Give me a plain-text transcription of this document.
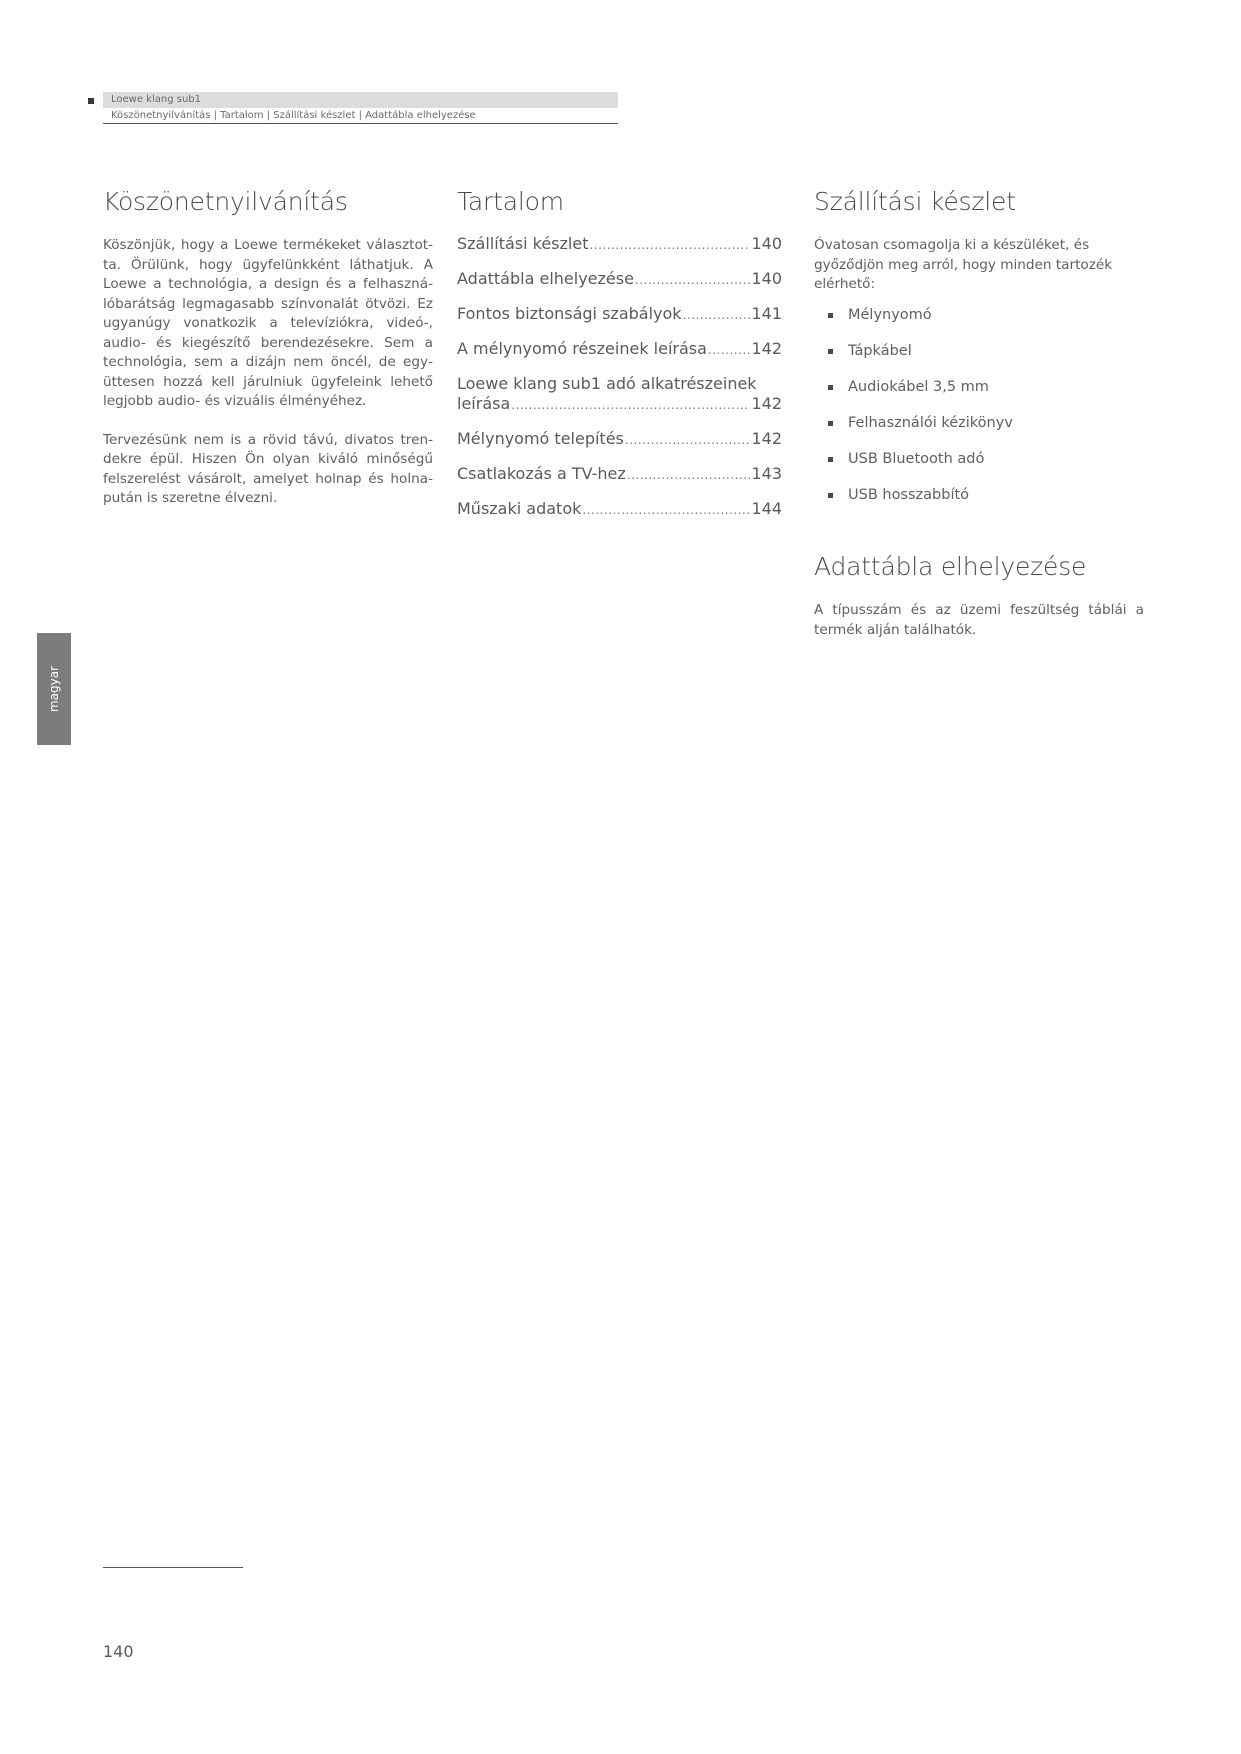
Loewe klang sub1
Köszönetnyilvánítás | Tartalom | Szállítási készlet | Adattábla elhelyezése
Köszönetnyilvánítás

Köszönjük, hogy a Loewe termékeket választotta. Örülünk, hogy ügyfelünkként láthatjuk. A Loewe a technológia, a design és a felhasználóbarátság legmagasabb színvonalát ötvözi. Ez ugyanúgy vonatkozik a televíziókra, videó-, audio- és kiegészítő berendezésekre. Sem a technológia, sem a dizájn nem öncél, de együttesen hozzá kell járulniuk ügyfeleink lehető legjobb audio- és vizuális élményéhez.

Tervezésünk nem is a rövid távú, divatos trendekre épül. Hiszen Ön olyan kiváló minőségű felszerelést vásárolt, amelyet holnap és holnapután is szeretne élvezni.

Tartalom
Szállítási készlet .....	140
Adattábla elhelyezése .....	140
Fontos biztonsági szabályok .....	141
A mélynyomó részeinek leírása .....	142
Loewe klang sub1 adó alkatrészeinek
leírása .....	142
Mélynyomó telepítés .....	142
Csatlakozás a TV-hez .....	143
Műszaki adatok .....	144
Szállítási készlet

Óvatosan csomagolja ki a készüléket, és győződjön meg arról, hogy minden tartozék elérhető:

Mélynyomó
Tápkábel
Audiokábel 3,5 mm
Felhasználói kézikönyv
USB Bluetooth adó
USB hosszabbító
Adattábla elhelyezése

A típusszám és az üzemi feszültség táblái a termék alján találhatók.

magyar
140
